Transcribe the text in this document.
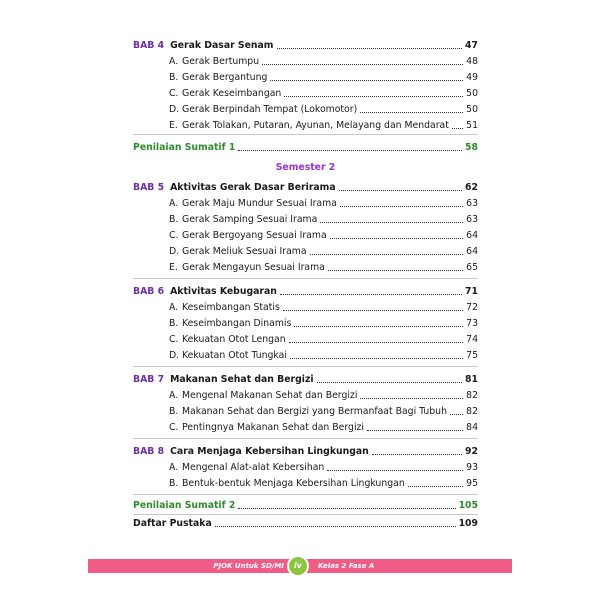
BAB 4 Gerak Dasar Senam	47
A. Gerak Bertumpu	48
B. Gerak Bergantung	49
C. Gerak Keseimbangan	50
D. Gerak Berpindah Tempat (Lokomotor)	50
E. Gerak Tolakan, Putaran, Ayunan, Melayang dan Mendarat 51
Penilaian Sumatif 1	58
Semester 2
BAB 5 Aktivitas Gerak Dasar Berirama	62
A. Gerak Maju Mundur Sesuai Irama	63
B. Gerak Samping Sesuai Irama	63
C. Gerak Bergoyang Sesuai Irama	64
D. Gerak Meliuk Sesuai Irama	64
E. Gerak Mengayun Sesuai Irama	65
BAB 6 Aktivitas Kebugaran	71
A. Keseimbangan Statis	72
B. Keseimbangan Dinamis	73
C. Kekuatan Otot Lengan	74
D. Kekuatan Otot Tungkai	75
BAB 7 Makanan Sehat dan Bergizi	81
A. Mengenal Makanan Sehat dan Bergizi	82
B. Makanan Sehat dan Bergizi yang Bermanfaat Bagi Tubuh 82
C. Pentingnya Makanan Sehat dan Bergizi	84
BAB 8 Cara Menjaga Kebersihan Lingkungan	92
A. Mengenal Alat-alat Kebersihan	93
B. Bentuk-bentuk Menjaga Kebersihan Lingkungan	95
Penilaian Sumatif 2	105
Daftar Pustaka	109
PJOK Untuk SD/MI	iv	Kelas 2 Fase A
